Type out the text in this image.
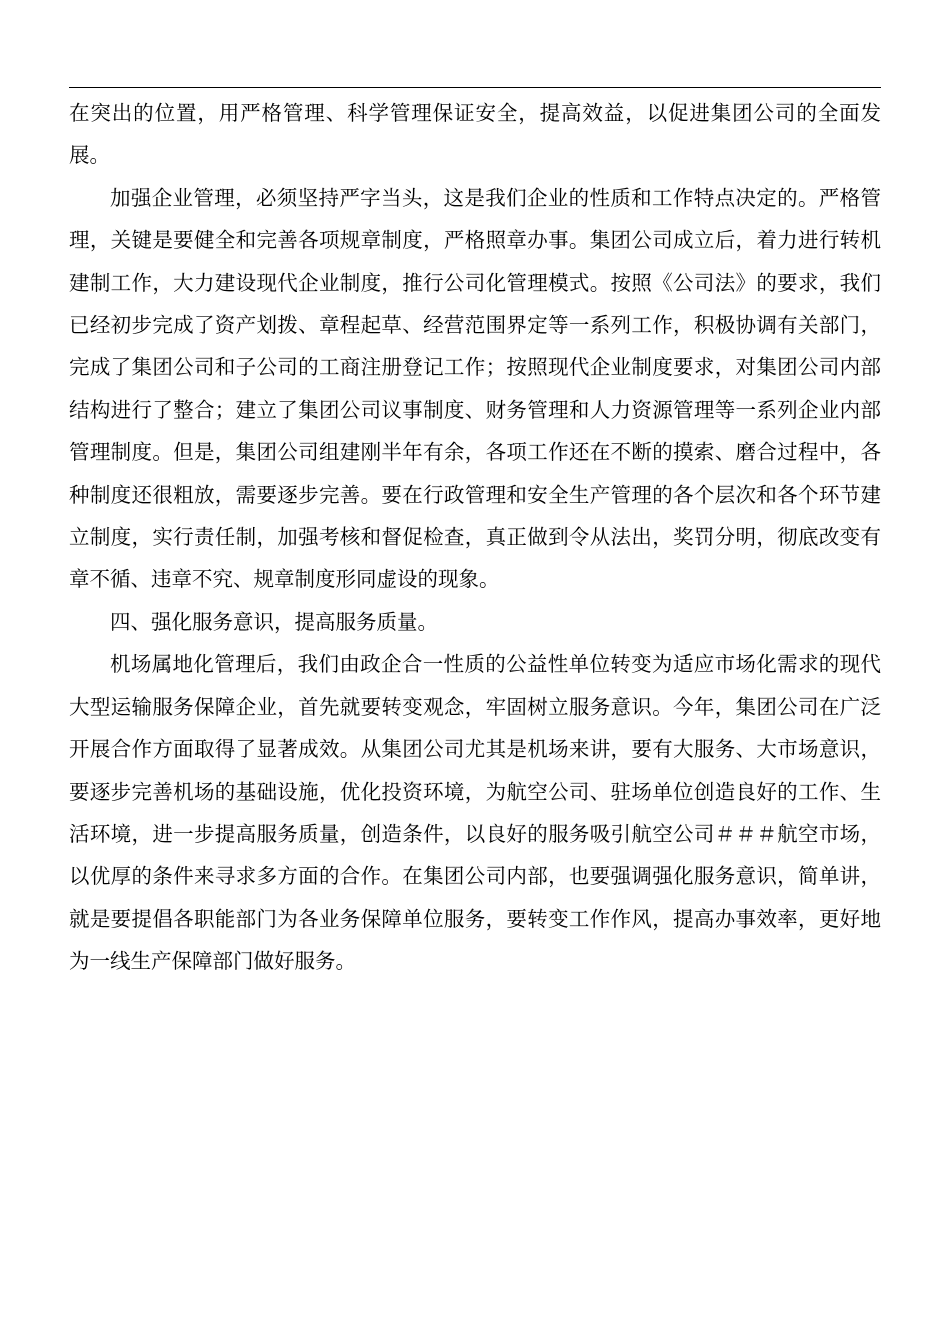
在突出的位置，用严格管理、科学管理保证安全，提高效益，以促进集团公司的全面发展。

加强企业管理，必须坚持严字当头，这是我们企业的性质和工作特点决定的。严格管理，关键是要健全和完善各项规章制度，严格照章办事。集团公司成立后，着力进行转机建制工作，大力建设现代企业制度，推行公司化管理模式。按照《公司法》的要求，我们已经初步完成了资产划拨、章程起草、经营范围界定等一系列工作，积极协调有关部门，完成了集团公司和子公司的工商注册登记工作；按照现代企业制度要求，对集团公司内部结构进行了整合；建立了集团公司议事制度、财务管理和人力资源管理等一系列企业内部管理制度。但是，集团公司组建刚半年有余，各项工作还在不断的摸索、磨合过程中，各种制度还很粗放，需要逐步完善。要在行政管理和安全生产管理的各个层次和各个环节建立制度，实行责任制，加强考核和督促检查，真正做到令从法出，奖罚分明，彻底改变有章不循、违章不究、规章制度形同虚设的现象。

四、强化服务意识，提高服务质量。

机场属地化管理后，我们由政企合一性质的公益性单位转变为适应市场化需求的现代大型运输服务保障企业，首先就要转变观念，牢固树立服务意识。今年，集团公司在广泛开展合作方面取得了显著成效。从集团公司尤其是机场来讲，要有大服务、大市场意识，要逐步完善机场的基础设施，优化投资环境，为航空公司、驻场单位创造良好的工作、生活环境，进一步提高服务质量，创造条件，以良好的服务吸引航空公司＃＃＃航空市场，以优厚的条件来寻求多方面的合作。在集团公司内部，也要强调强化服务意识，简单讲，就是要提倡各职能部门为各业务保障单位服务，要转变工作作风，提高办事效率，更好地为一线生产保障部门做好服务。
